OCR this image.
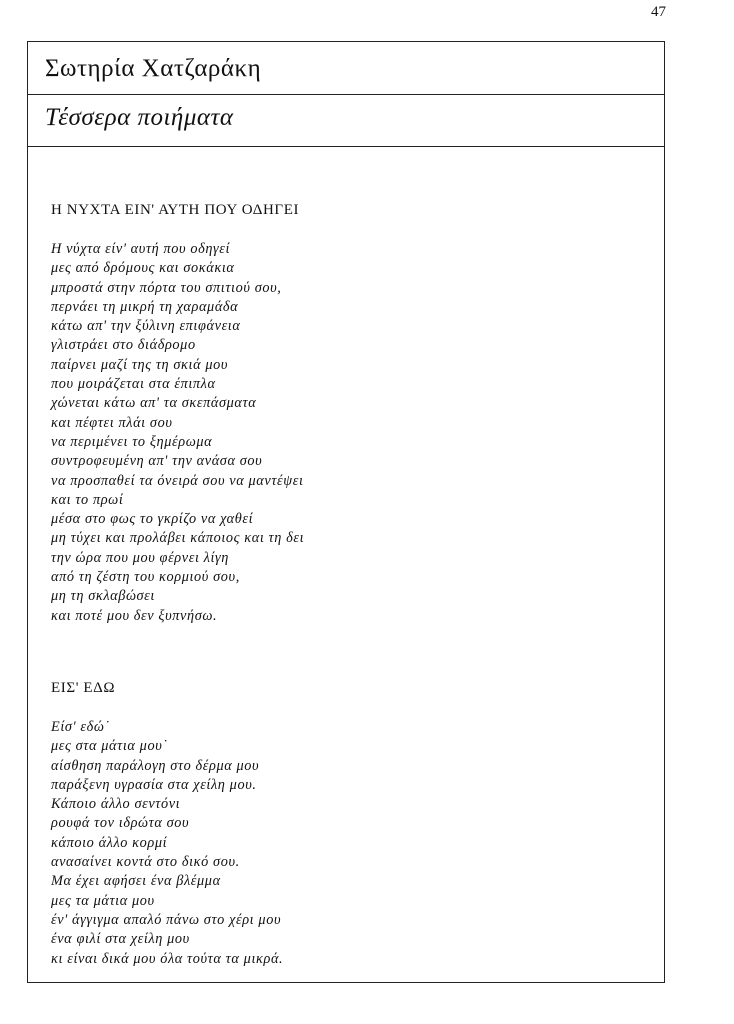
47
Σωτηρία Χατζαράκη
Τέσσερα ποιήματα
Η ΝΥΧΤΑ ΕΙΝ' ΑΥΤΗ ΠΟΥ ΟΔΗΓΕΙ
Η νύχτα είν' αυτή που οδηγεί
μες από δρόμους και σοκάκια
μπροστά στην πόρτα του σπιτιού σου,
περνάει τη μικρή τη χαραμάδα
κάτω απ' την ξύλινη επιφάνεια
γλιστράει στο διάδρομο
παίρνει μαζί της τη σκιά μου
που μοιράζεται στα έπιπλα
χώνεται κάτω απ' τα σκεπάσματα
και πέφτει πλάι σου
να περιμένει το ξημέρωμα
συντροφευμένη απ' την ανάσα σου
να προσπαθεί τα όνειρά σου να μαντέψει
και το πρωί
μέσα στο φως το γκρίζο να χαθεί
μη τύχει και προλάβει κάποιος και τη δει
την ώρα που μου φέρνει λίγη
από τη ζέστη του κορμιού σου,
μη τη σκλαβώσει
και ποτέ μου δεν ξυπνήσω.
ΕΙΣ' ΕΔΩ
Είσ' εδώ˙
μες στα μάτια μου˙
αίσθηση παράλογη στο δέρμα μου
παράξενη υγρασία στα χείλη μου.
Κάποιο άλλο σεντόνι
ρουφά τον ιδρώτα σου
κάποιο άλλο κορμί
ανασαίνει κοντά στο δικό σου.
Μα έχει αφήσει ένα βλέμμα
μες τα μάτια μου
έν' άγγιγμα απαλό πάνω στο χέρι μου
ένα φιλί στα χείλη μου
κι είναι δικά μου όλα τούτα τα μικρά.
